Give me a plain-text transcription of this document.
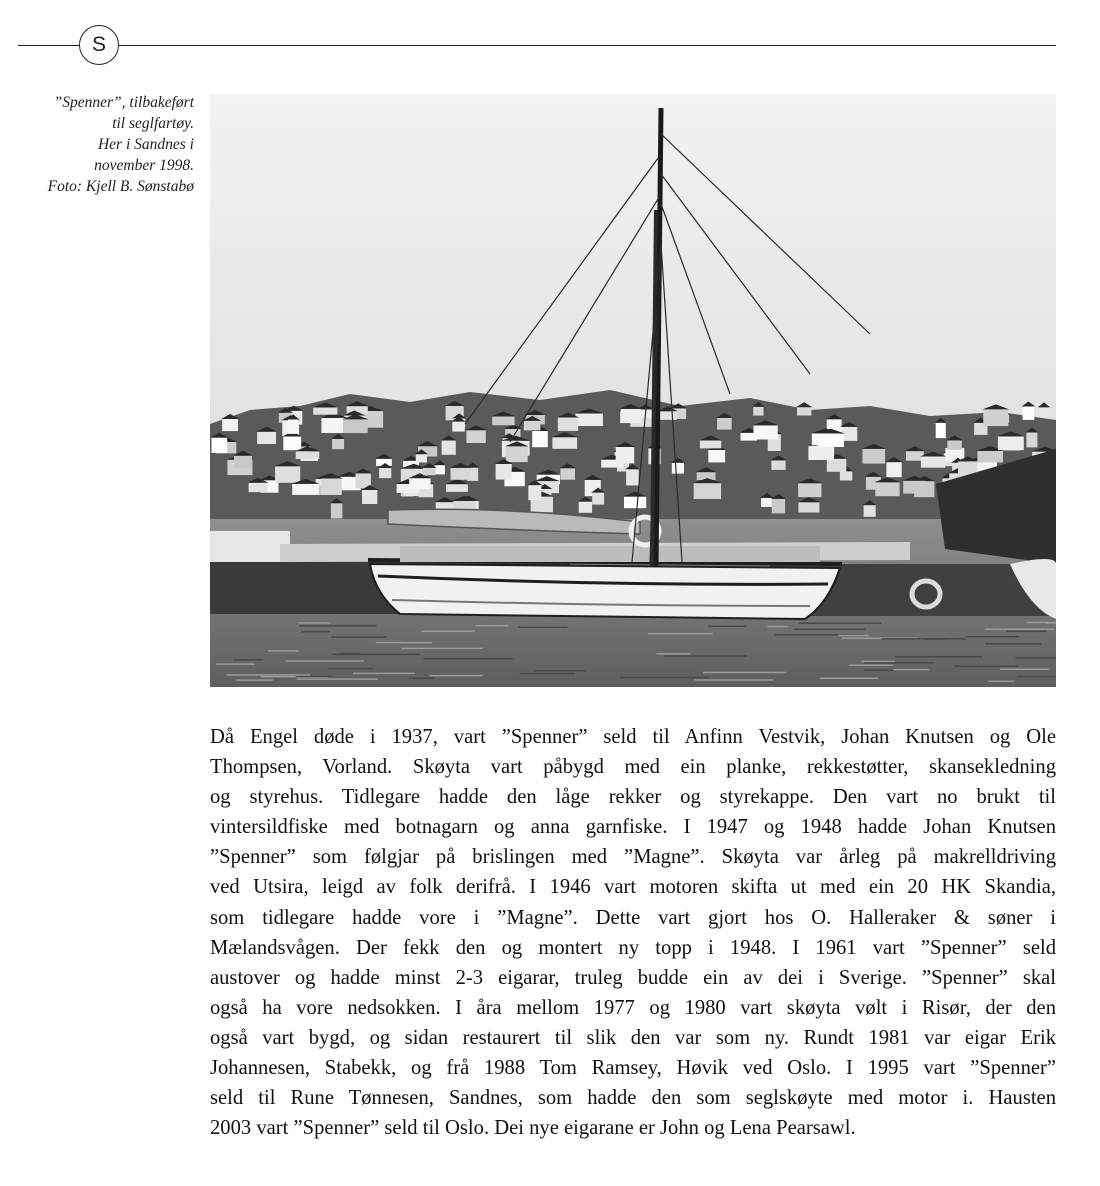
S
”Spenner”, tilbakeført
til seglfartøy.
Her i Sandnes i
november 1998.
Foto: Kjell B. Sønstabø
Då Engel døde i 1937, vart ”Spenner” seld til Anfinn Vestvik, Johan Knutsen og Ole
Thompsen, Vorland. Skøyta vart påbygd med ein planke, rekkestøtter, skansekledning
og styrehus. Tidlegare hadde den låge rekker og styrekappe. Den vart no brukt til
vintersildfiske med botnagarn og anna garnfiske. I 1947 og 1948 hadde Johan Knutsen
”Spenner” som følgjar på brislingen med ”Magne”. Skøyta var årleg på makrelldriving
ved Utsira, leigd av folk derifrå. I 1946 vart motoren skifta ut med ein 20 HK Skandia,
som tidlegare hadde vore i ”Magne”. Dette vart gjort hos O. Halleraker & søner i
Mælandsvågen. Der fekk den og montert ny topp i 1948. I 1961 vart ”Spenner” seld
austover og hadde minst 2-3 eigarar, truleg budde ein av dei i Sverige. ”Spenner” skal
også ha vore nedsokken. I åra mellom 1977 og 1980 vart skøyta vølt i Risør, der den
også vart bygd, og sidan restaurert til slik den var som ny. Rundt 1981 var eigar Erik
Johannesen, Stabekk, og frå 1988 Tom Ramsey, Høvik ved Oslo. I 1995 vart ”Spenner”
seld til Rune Tønnesen, Sandnes, som hadde den som seglskøyte med motor i. Hausten
2003 vart ”Spenner” seld til Oslo. Dei nye eigarane er John og Lena Pearsawl.
